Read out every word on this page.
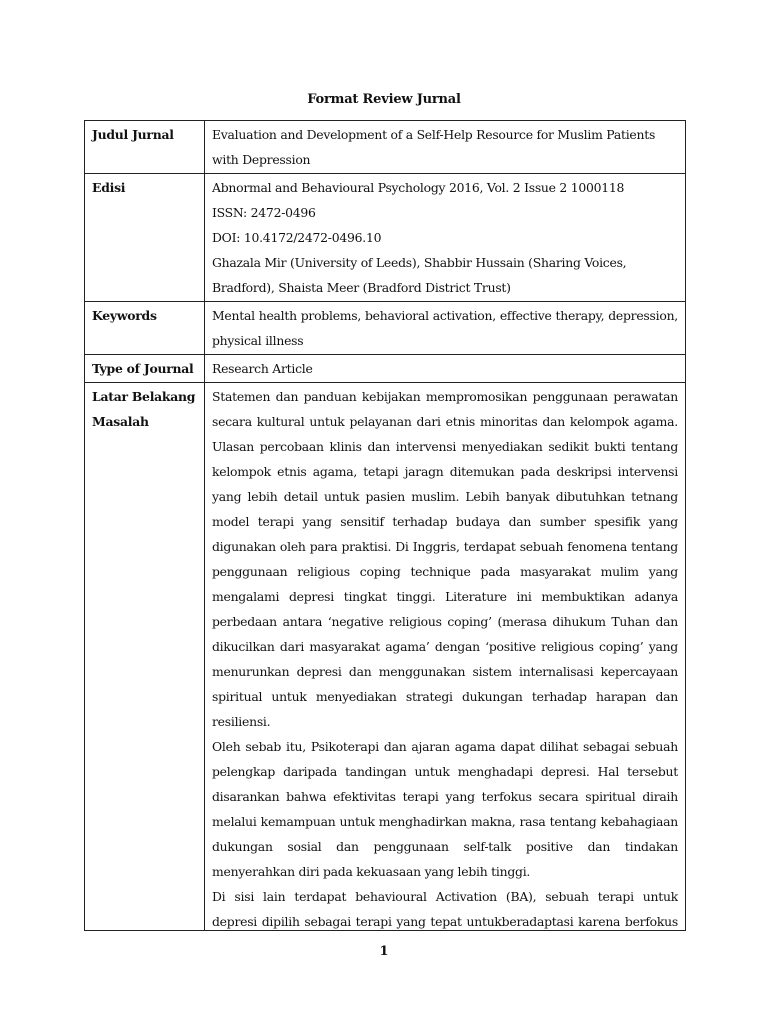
Format Review Jurnal
Judul Jurnal	Evaluation and Development of a Self-Help Resource for Muslim Patients with Depression
Edisi	Abnormal and Behavioural Psychology 2016, Vol. 2 Issue 2 1000118
ISSN: 2472-0496
DOI: 10.4172/2472-0496.10
Ghazala Mir (University of Leeds), Shabbir Hussain (Sharing Voices, Bradford), Shaista Meer (Bradford District Trust)

Keywords	Mental health problems, behavioral activation, effective therapy, depression, physical illness
Type of Journal	Research Article
Latar Belakang Masalah	Statemen dan panduan kebijakan mempromosikan penggunaan perawatan secara kultural untuk pelayanan dari etnis minoritas dan kelompok agama. Ulasan percobaan klinis dan intervensi menyediakan sedikit bukti tentang kelompok etnis agama, tetapi jaragn ditemukan pada deskripsi intervensi yang lebih detail untuk pasien muslim. Lebih banyak dibutuhkan tetnang model terapi yang sensitif terhadap budaya dan sumber spesifik yang digunakan oleh para praktisi. Di Inggris, terdapat sebuah fenomena tentang penggunaan religious coping technique pada masyarakat mulim yang mengalami depresi tingkat tinggi. Literature ini membuktikan adanya perbedaan antara ‘negative religious coping’ (merasa dihukum Tuhan dan dikucilkan dari masyarakat agama’ dengan ‘positive religious coping’ yang menurunkan depresi dan menggunakan sistem internalisasi kepercayaan spiritual untuk menyediakan strategi dukungan terhadap harapan dan resiliensi.

Oleh sebab itu, Psikoterapi dan ajaran agama dapat dilihat sebagai sebuah pelengkap daripada tandingan untuk menghadapi depresi. Hal tersebut disarankan bahwa efektivitas terapi yang terfokus secara spiritual diraih melalui kemampuan untuk menghadirkan makna, rasa tentang kebahagiaan dukungan sosial dan penggunaan self-talk positive dan tindakan menyerahkan diri pada kekuasaan yang lebih tinggi.

Di sisi lain terdapat behavioural Activation (BA), sebuah terapi untuk depresi dipilih sebagai terapi yang tepat untukberadaptasi karena berfokus

1
